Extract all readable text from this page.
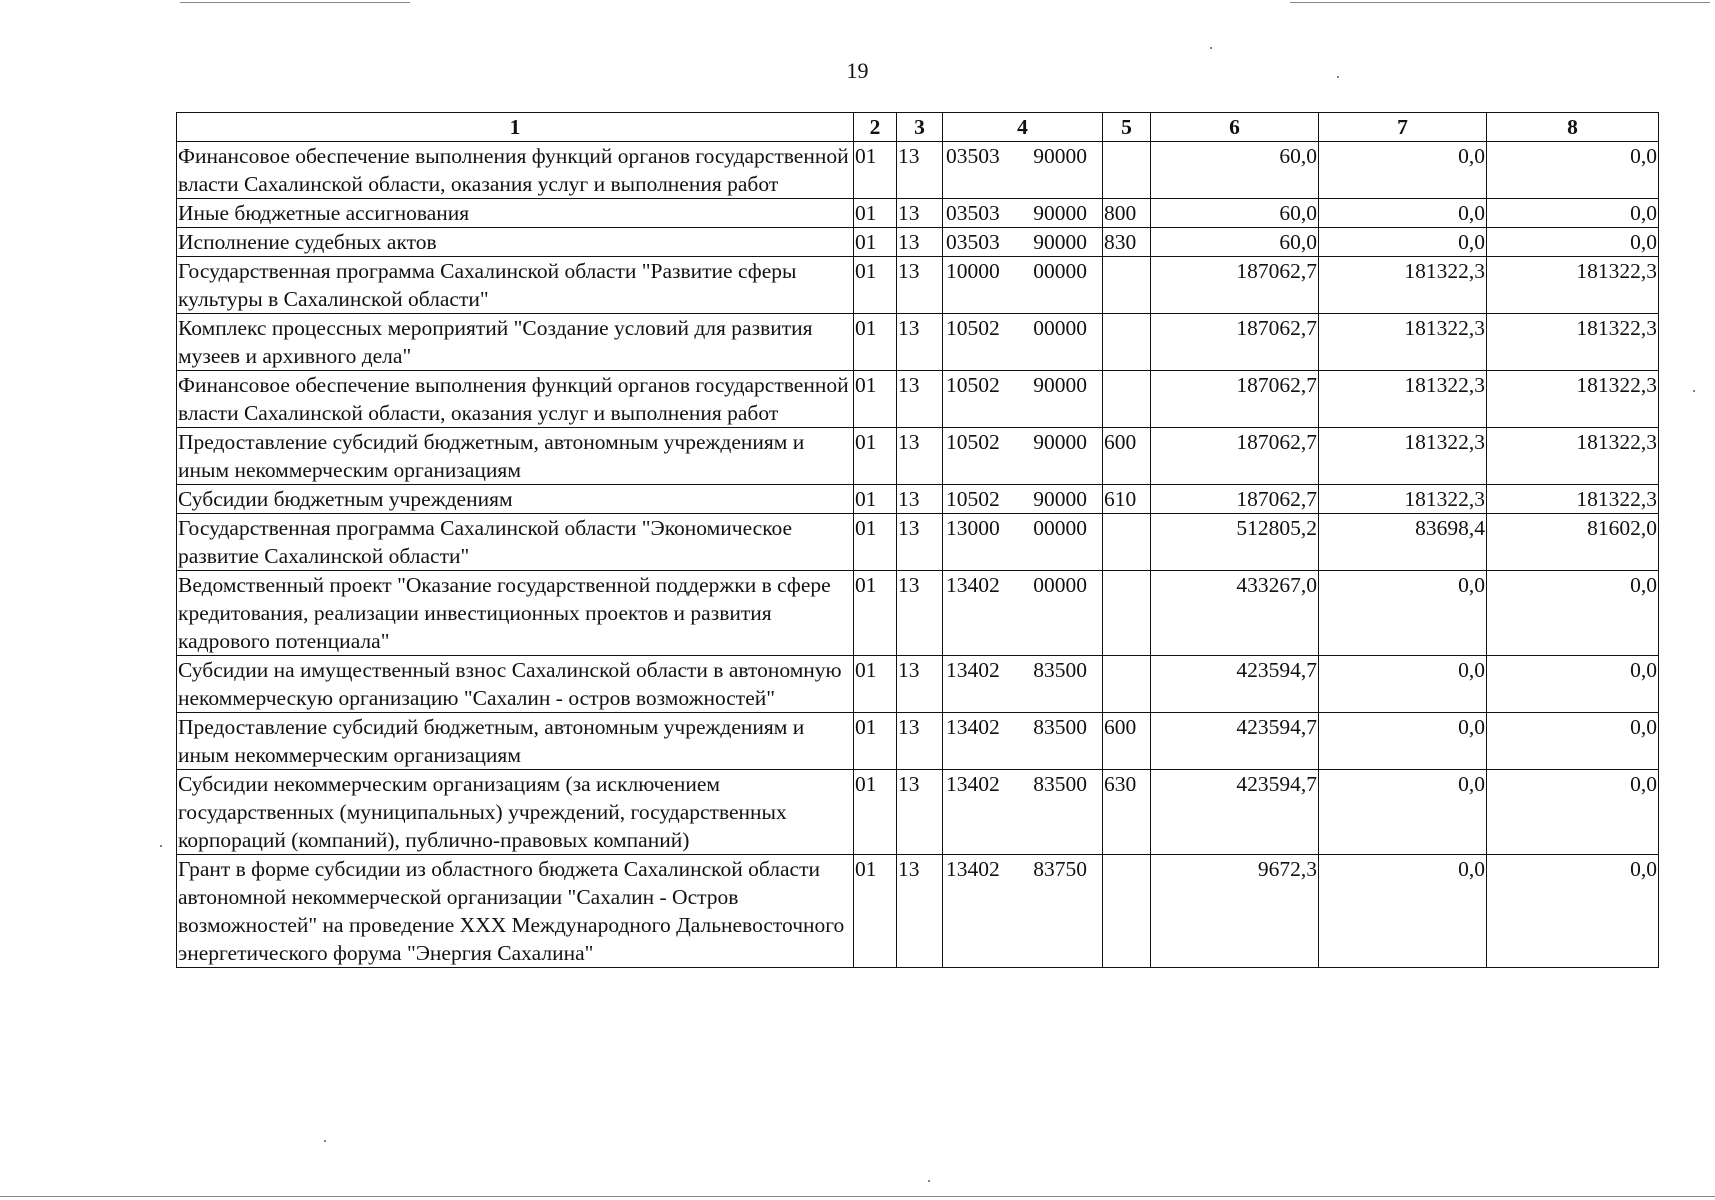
19
1	2	3	4	5	6	7	8
Финансовое обеспечение выполнения функций органов государственной власти Сахалинской области, оказания услуг и выполнения работ	01	13	03503 90000		60,0	0,0	0,0
Иные бюджетные ассигнования	01	13	03503 90000	800	60,0	0,0	0,0
Исполнение судебных актов	01	13	03503 90000	830	60,0	0,0	0,0
Государственная программа Сахалинской области "Развитие сферы культуры в Сахалинской области"	01	13	10000 00000		187062,7	181322,3	181322,3
Комплекс процессных мероприятий "Создание условий для развития музеев и архивного дела"	01	13	10502 00000		187062,7	181322,3	181322,3
Финансовое обеспечение выполнения функций органов государственной власти Сахалинской области, оказания услуг и выполнения работ	01	13	10502 90000		187062,7	181322,3	181322,3
Предоставление субсидий бюджетным, автономным учреждениям и иным некоммерческим организациям	01	13	10502 90000	600	187062,7	181322,3	181322,3
Субсидии бюджетным учреждениям	01	13	10502 90000	610	187062,7	181322,3	181322,3
Государственная программа Сахалинской области "Экономическое развитие Сахалинской области"	01	13	13000 00000		512805,2	83698,4	81602,0
Ведомственный проект "Оказание государственной поддержки в сфере кредитования, реализации инвестиционных проектов и развития кадрового потенциала"	01	13	13402 00000		433267,0	0,0	0,0
Субсидии на имущественный взнос Сахалинской области в автономную некоммерческую организацию "Сахалин - остров возможностей"	01	13	13402 83500		423594,7	0,0	0,0
Предоставление субсидий бюджетным, автономным учреждениям и иным некоммерческим организациям	01	13	13402 83500	600	423594,7	0,0	0,0
Субсидии некоммерческим организациям (за исключением государственных (муниципальных) учреждений, государственных корпораций (компаний), публично-правовых компаний)	01	13	13402 83500	630	423594,7	0,0	0,0
Грант в форме субсидии из областного бюджета Сахалинской области автономной некоммерческой организации "Сахалин - Остров возможностей" на проведение XXX Международного Дальневосточного энергетического форума "Энергия Сахалина"	01	13	13402 83750		9672,3	0,0	0,0
